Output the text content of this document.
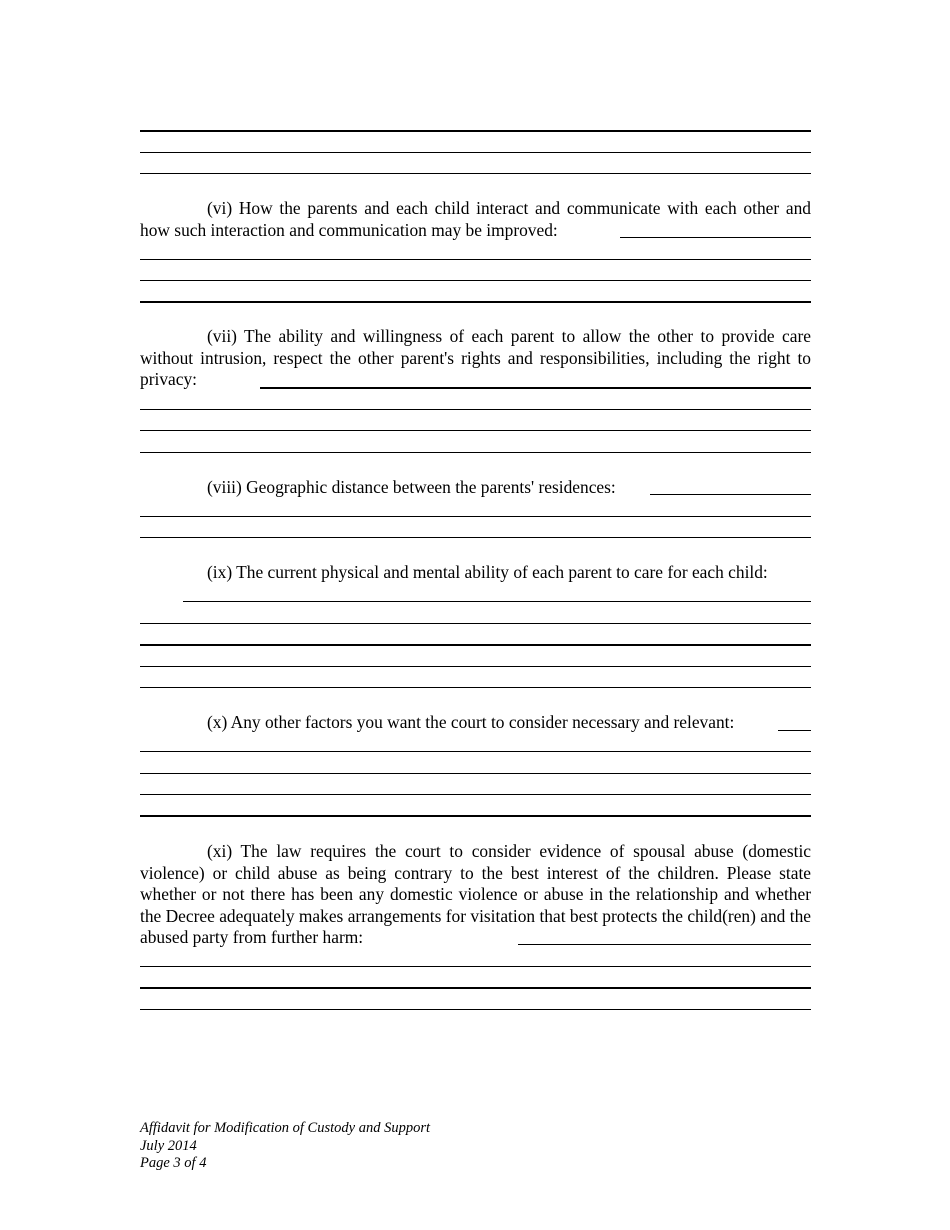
(vi) How the parents and each child interact and communicate with each other and how such interaction and communication may be improved:

(vii) The ability and willingness of each parent to allow the other to provide care without intrusion, respect the other parent's rights and responsibilities, including the right to privacy:

(viii) Geographic distance between the parents' residences:

(ix) The current physical and mental ability of each parent to care for each child:

(x) Any other factors you want the court to consider necessary and relevant:

(xi) The law requires the court to consider evidence of spousal abuse (domestic violence) or child abuse as being contrary to the best interest of the children. Please state whether or not there has been any domestic violence or abuse in the relationship and whether the Decree adequately makes arrangements for visitation that best protects the child(ren) and the abused party from further harm:

Affidavit for Modification of Custody and Support
July 2014
Page 3 of 4
